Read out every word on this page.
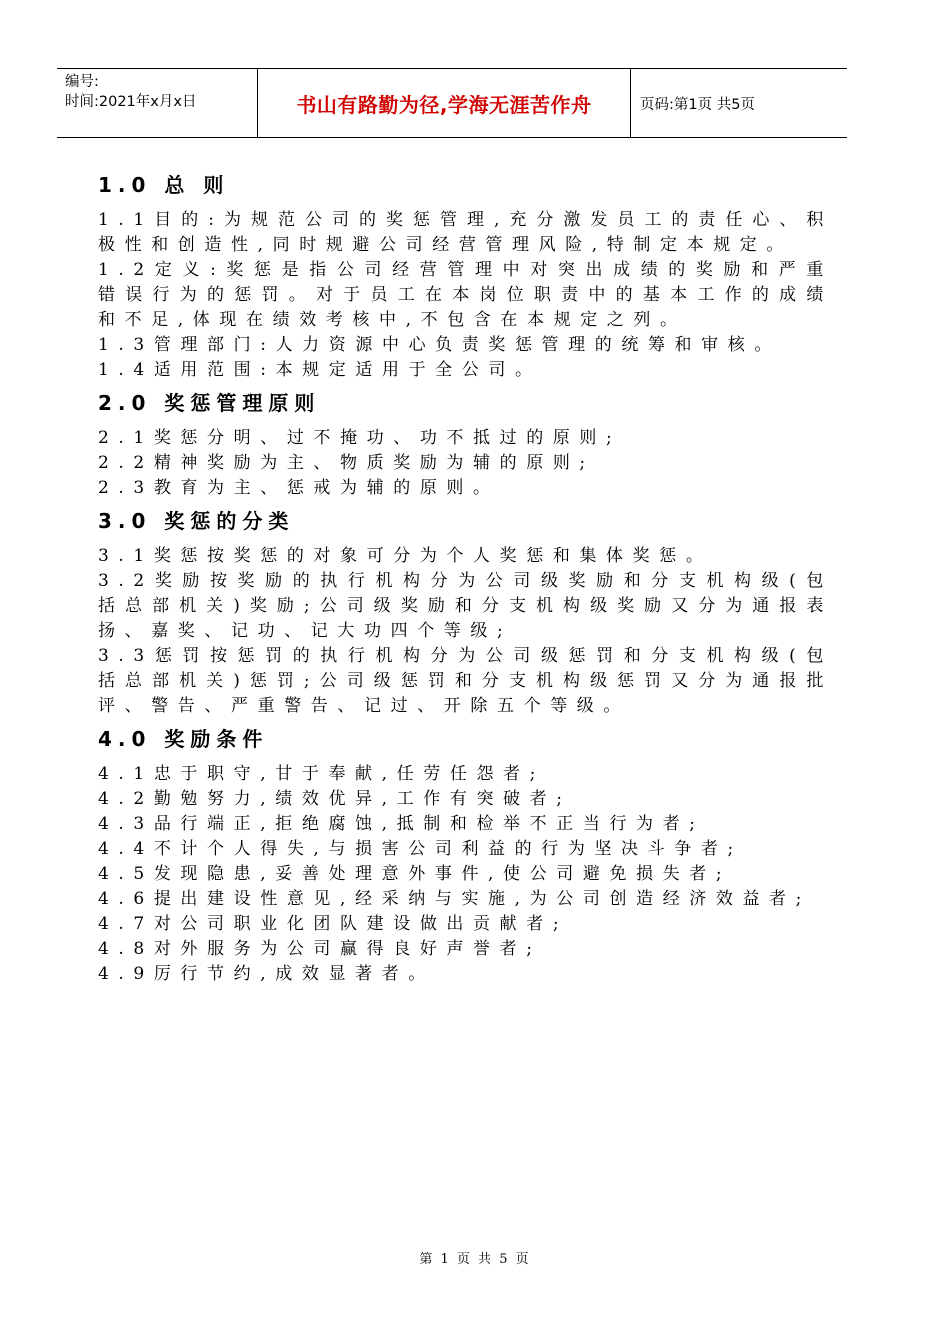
编号:
时间:2021年x月x日	书山有路勤为径,学海无涯苦作舟	页码:第1页 共5页
1.0 总 则

1.1目的:为规范公司的奖惩管理,充分激发员工的责任心、积极性和创造性,同时规避公司经营管理风险,特制定本规定。

1.2定义:奖惩是指公司经营管理中对突出成绩的奖励和严重错误行为的惩罚。对于员工在本岗位职责中的基本工作的成绩和不足,体现在绩效考核中,不包含在本规定之列。

1.3管理部门:人力资源中心负责奖惩管理的统筹和审核。

1.4适用范围:本规定适用于全公司。

2.0 奖惩管理原则

2.1奖惩分明、过不掩功、功不抵过的原则;

2.2精神奖励为主、物质奖励为辅的原则;

2.3教育为主、惩戒为辅的原则。

3.0 奖惩的分类

3.1奖惩按奖惩的对象可分为个人奖惩和集体奖惩。

3.2奖励按奖励的执行机构分为公司级奖励和分支机构级(包括总部机关)奖励;公司级奖励和分支机构级奖励又分为通报表扬、嘉奖、记功、记大功四个等级;

3.3惩罚按惩罚的执行机构分为公司级惩罚和分支机构级(包括总部机关)惩罚;公司级惩罚和分支机构级惩罚又分为通报批评、警告、严重警告、记过、开除五个等级。

4.0 奖励条件

4.1忠于职守,甘于奉献,任劳任怨者;

4.2勤勉努力,绩效优异,工作有突破者;

4.3品行端正,拒绝腐蚀,抵制和检举不正当行为者;

4.4不计个人得失,与损害公司利益的行为坚决斗争者;

4.5发现隐患,妥善处理意外事件,使公司避免损失者;

4.6提出建设性意见,经采纳与实施,为公司创造经济效益者;

4.7对公司职业化团队建设做出贡献者;

4.8对外服务为公司赢得良好声誉者;

4.9厉行节约,成效显著者。

第 1 页 共 5 页
